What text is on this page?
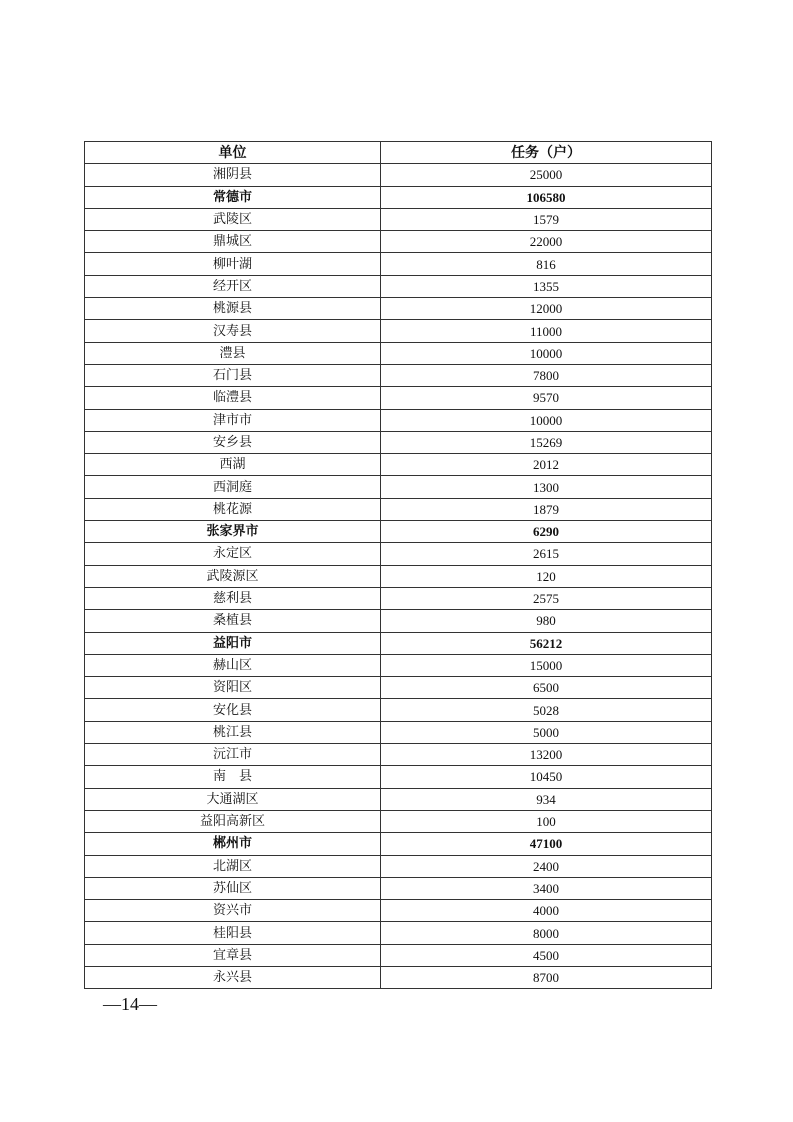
单位	任务（户）
湘阴县	25000
常德市	106580
武陵区	1579
鼎城区	22000
柳叶湖	816
经开区	1355
桃源县	12000
汉寿县	11000
澧县	10000
石门县	7800
临澧县	9570
津市市	10000
安乡县	15269
西湖	2012
西洞庭	1300
桃花源	1879
张家界市	6290
永定区	2615
武陵源区	120
慈利县	2575
桑植县	980
益阳市	56212
赫山区	15000
资阳区	6500
安化县	5028
桃江县	5000
沅江市	13200
南　县	10450
大通湖区	934
益阳高新区	100
郴州市	47100
北湖区	2400
苏仙区	3400
资兴市	4000
桂阳县	8000
宜章县	4500
永兴县	8700
—14—
